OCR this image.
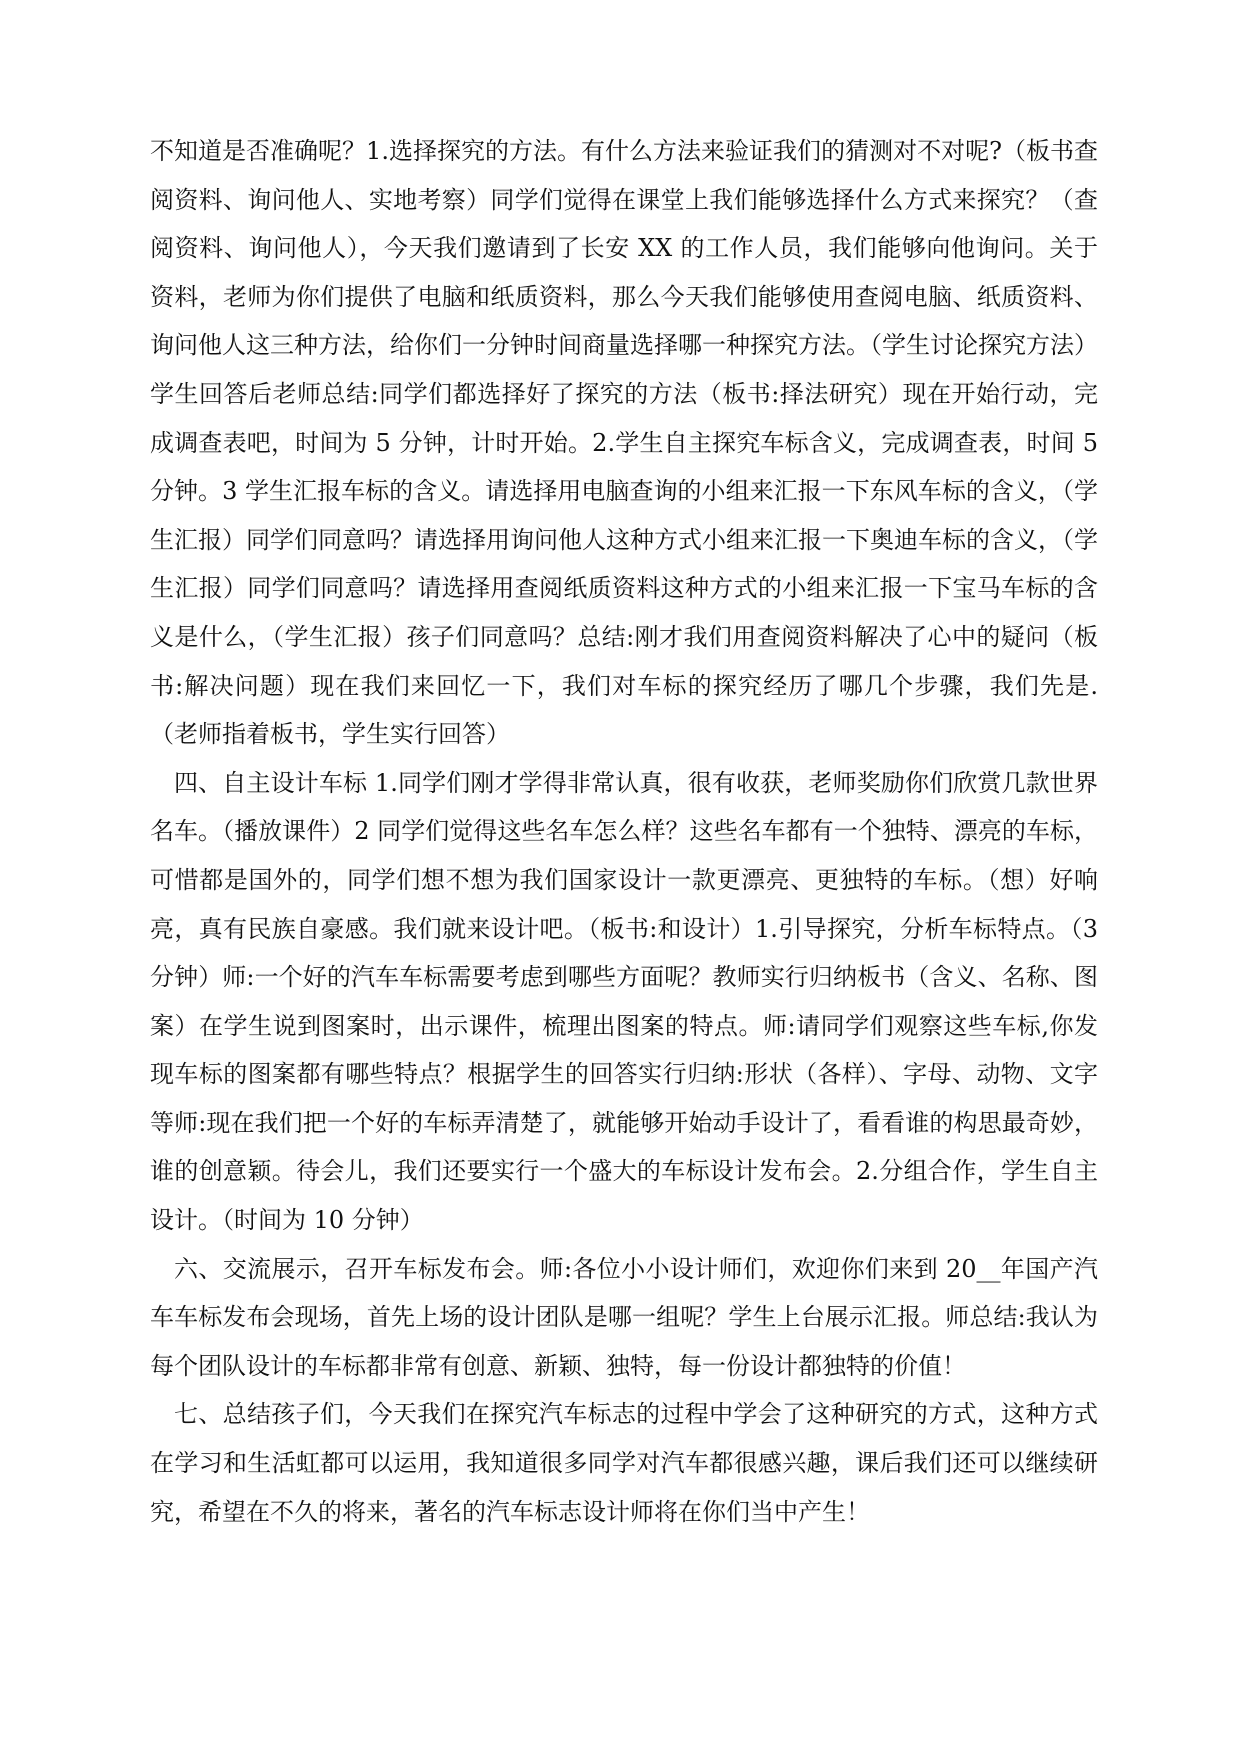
不知道是否准确呢？1.选择探究的方法。有什么方法来验证我们的猜测对不对呢?（板书查阅资料、询问他人、实地考察）同学们觉得在课堂上我们能够选择什么方式来探究？（查阅资料、询问他人），今天我们邀请到了长安 XX 的工作人员，我们能够向他询问。关于资料，老师为你们提供了电脑和纸质资料，那么今天我们能够使用查阅电脑、纸质资料、询问他人这三种方法，给你们一分钟时间商量选择哪一种探究方法。（学生讨论探究方法）学生回答后老师总结:同学们都选择好了探究的方法（板书:择法研究）现在开始行动，完成调查表吧，时间为 5 分钟，计时开始。2.学生自主探究车标含义，完成调查表，时间 5 分钟。3 学生汇报车标的含义。请选择用电脑查询的小组来汇报一下东风车标的含义，（学生汇报）同学们同意吗？请选择用询问他人这种方式小组来汇报一下奥迪车标的含义，（学生汇报）同学们同意吗？请选择用查阅纸质资料这种方式的小组来汇报一下宝马车标的含义是什么，（学生汇报）孩子们同意吗？总结:刚才我们用查阅资料解决了心中的疑问（板书:解决问题）现在我们来回忆一下，我们对车标的探究经历了哪几个步骤，我们先是.（老师指着板书，学生实行回答）

四、自主设计车标 1.同学们刚才学得非常认真，很有收获，老师奖励你们欣赏几款世界名车。（播放课件）2 同学们觉得这些名车怎么样？这些名车都有一个独特、漂亮的车标，可惜都是国外的，同学们想不想为我们国家设计一款更漂亮、更独特的车标。（想）好响亮，真有民族自豪感。我们就来设计吧。（板书:和设计）1.引导探究，分析车标特点。（3 分钟）师:一个好的汽车车标需要考虑到哪些方面呢？教师实行归纳板书（含义、名称、图案）在学生说到图案时，出示课件，梳理出图案的特点。师:请同学们观察这些车标,你发现车标的图案都有哪些特点？根据学生的回答实行归纳:形状（各样）、字母、动物、文字等师:现在我们把一个好的车标弄清楚了，就能够开始动手设计了，看看谁的构思最奇妙，谁的创意颖。待会儿，我们还要实行一个盛大的车标设计发布会。2.分组合作，学生自主设计。（时间为 10 分钟）

六、交流展示，召开车标发布会。师:各位小小设计师们，欢迎你们来到 20__年国产汽车车标发布会现场，首先上场的设计团队是哪一组呢？学生上台展示汇报。师总结:我认为每个团队设计的车标都非常有创意、新颖、独特，每一份设计都独特的价值！

七、总结孩子们，今天我们在探究汽车标志的过程中学会了这种研究的方式，这种方式在学习和生活虹都可以运用，我知道很多同学对汽车都很感兴趣，课后我们还可以继续研究，希望在不久的将来，著名的汽车标志设计师将在你们当中产生！
